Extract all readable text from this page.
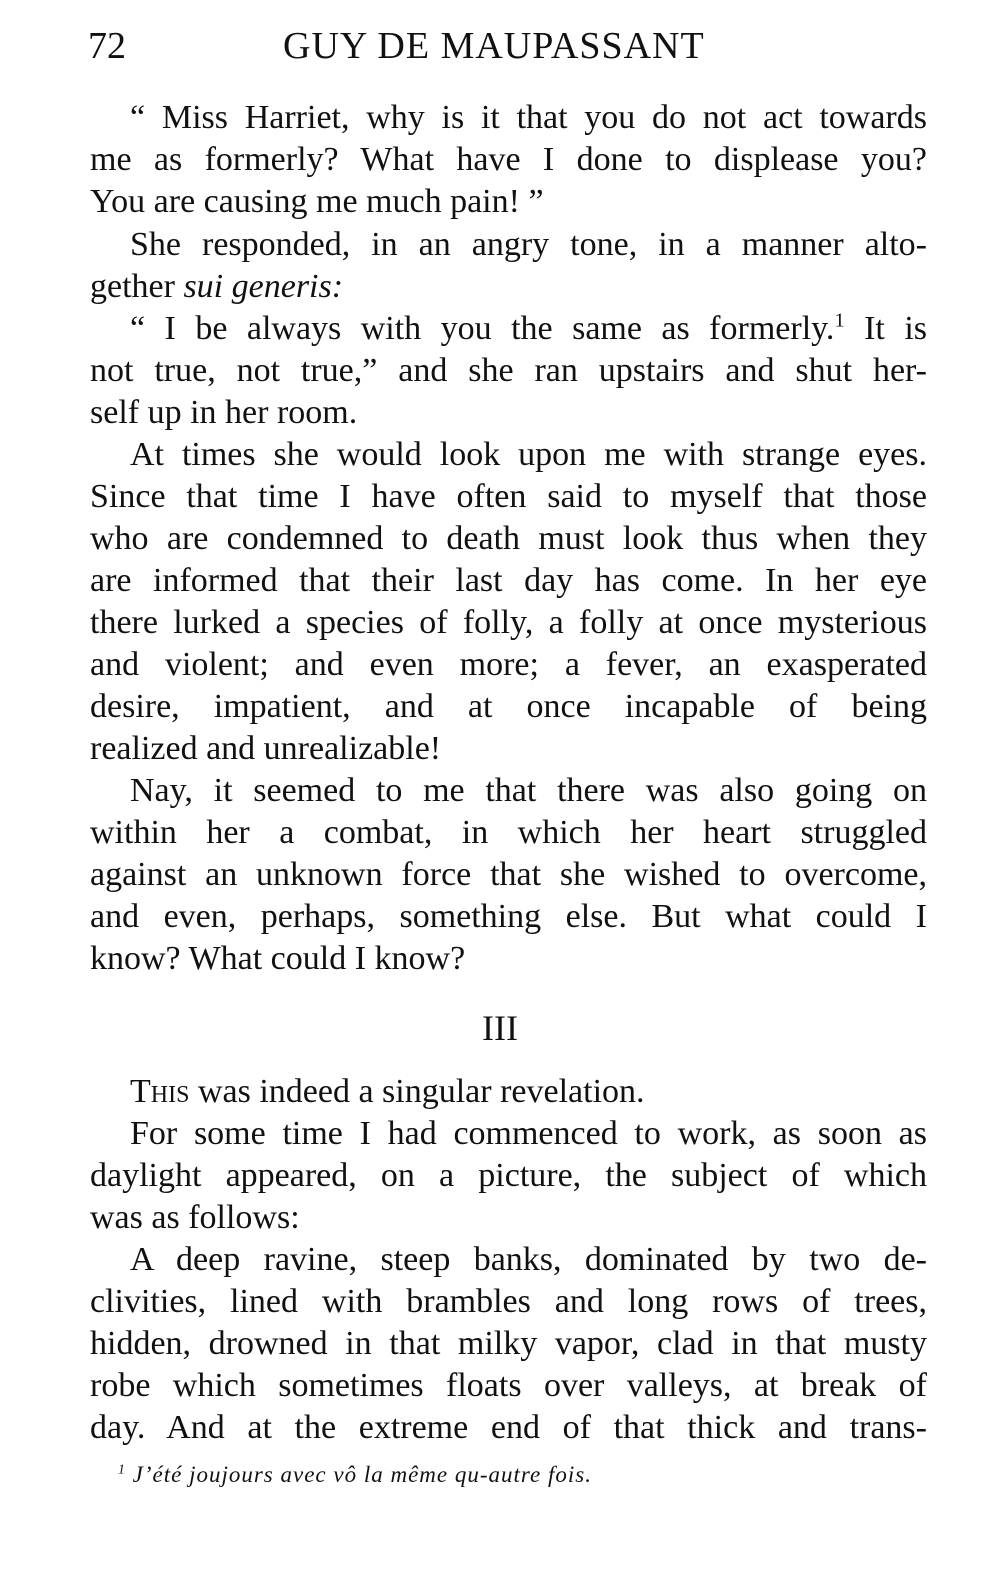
72	GUY DE MAUPASSANT
“ Miss Harriet, why is it that you do not act towards
me as formerly? What have I done to displease you?
You are causing me much pain! ”
She responded, in an angry tone, in a manner alto-
gether sui generis:
“ I be always with you the same as formerly.$^1$ It is
not true, not true,” and she ran upstairs and shut her-
self up in her room.
At times she would look upon me with strange eyes.
Since that time I have often said to myself that those
who are condemned to death must look thus when they
are informed that their last day has come. In her eye
there lurked a species of folly, a folly at once mysterious
and violent; and even more; a fever, an exasperated
desire, impatient, and at once incapable of being
realized and unrealizable!
Nay, it seemed to me that there was also going on
within her a combat, in which her heart struggled
against an unknown force that she wished to overcome,
and even, perhaps, something else. But what could I
know? What could I know?
III
This was indeed a singular revelation.
For some time I had commenced to work, as soon as
daylight appeared, on a picture, the subject of which
was as follows:
A deep ravine, steep banks, dominated by two de-
clivities, lined with brambles and long rows of trees,
hidden, drowned in that milky vapor, clad in that musty
robe which sometimes floats over valleys, at break of
day. And at the extreme end of that thick and trans-
$^1$ J’été joujours avec vô la même qu-autre fois.
